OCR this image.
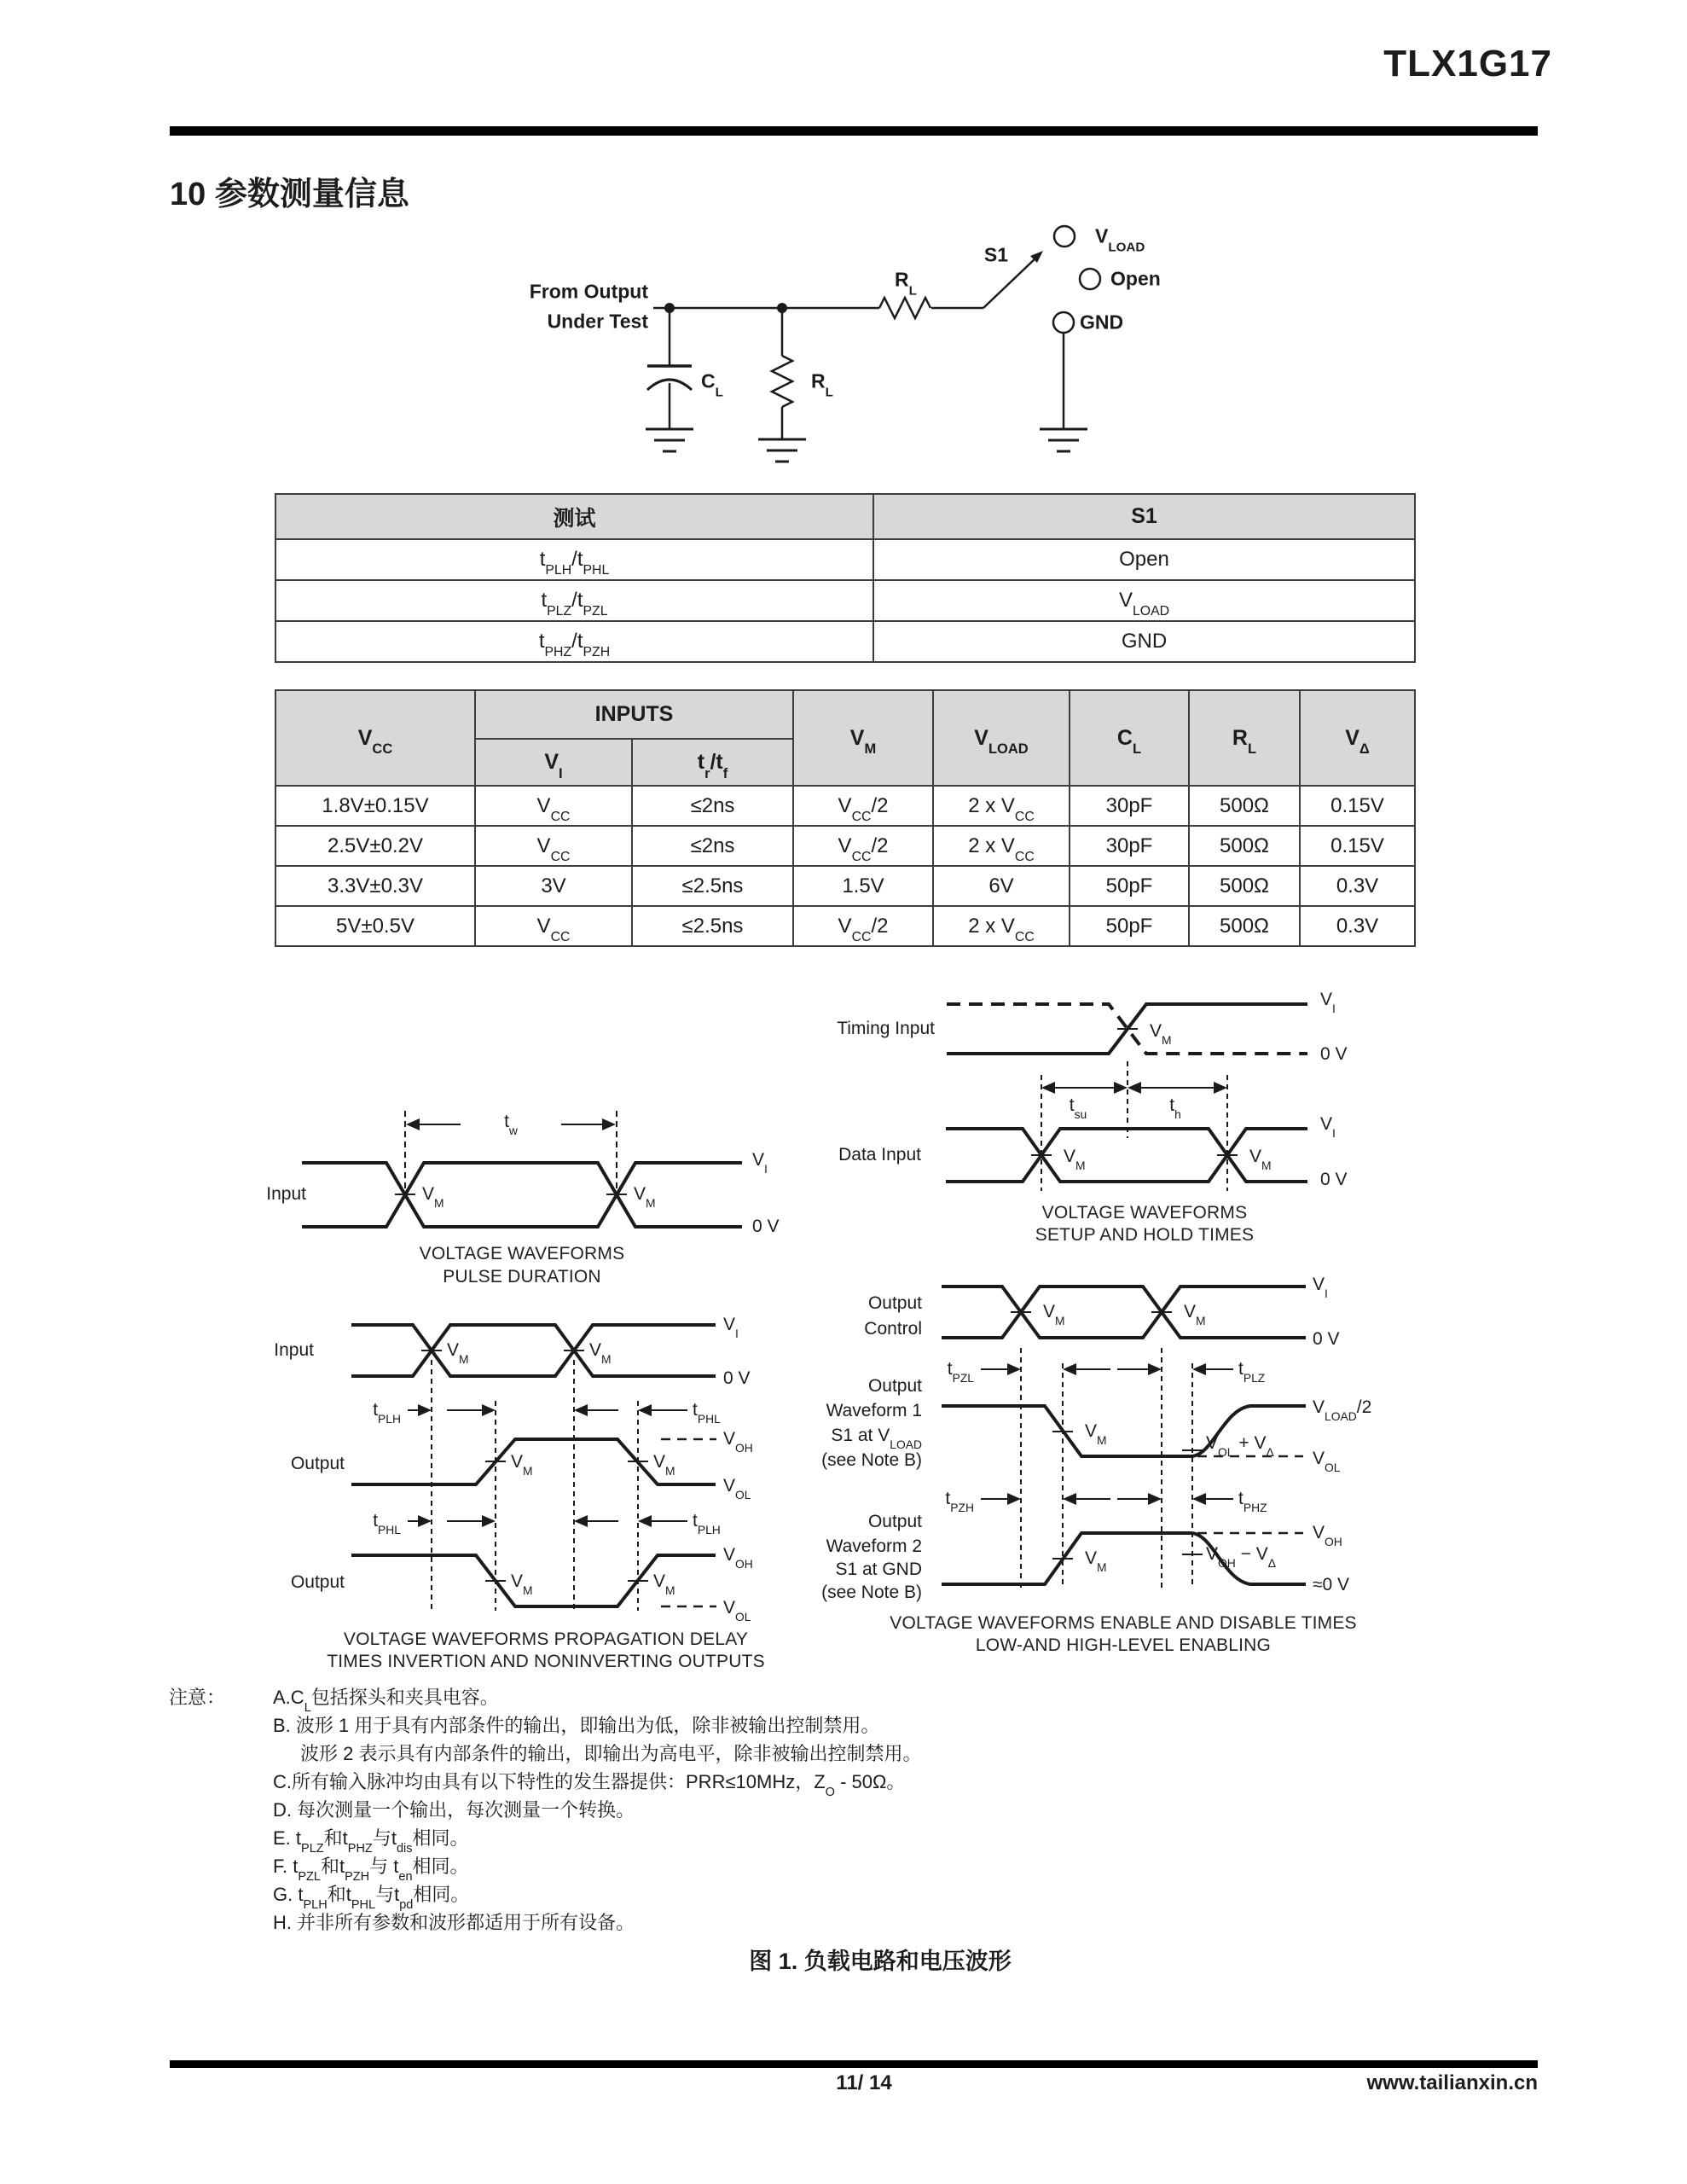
TLX1G17
10 参数测量信息
测试	S1
$t_{PLH}/t_{PHL}$	Open
$t_{PLZ}/t_{PZL}$	$V_{LOAD}$
$t_{PHZ}/t_{PZH}$	GND
$V_{CC}$	INPUTS		$V_M$	$V_{LOAD}$	$C_L$	$R_L$	$V_\Delta$
	$V_I$	$t_r/t_f$
1.8V±0.15V	$V_{CC}$	≤2ns	$V_{CC}/2$	2 x $V_{CC}$	30pF	500Ω	0.15V
2.5V±0.2V	$V_{CC}$	≤2ns	$V_{CC}/2$	2 x $V_{CC}$	30pF	500Ω	0.15V
3.3V±0.3V	3V	≤2.5ns	1.5V	6V	50pF	500Ω	0.3V
5V±0.5V	$V_{CC}$	≤2.5ns	$V_{CC}/2$	2 x $V_{CC}$	50pF	500Ω	0.3V
From Output
Under Test
$C_L$
$R_L$
$R_L$
S1
$V_{LOAD}$
Open
GND
Input
$t_w$
$V_M$	$V_M$
$V_I$
0 V
VOLTAGE WAVEFORMS
PULSE DURATION
Timing Input
Data Input
$t_{su}$	$t_h$
$V_M$
$V_M$	$V_M$
$V_I$
0 V
$V_I$
0 V
VOLTAGE WAVEFORMS
SETUP AND HOLD TIMES
Input
Output
Output
$t_{PLH}$	$t_{PHL}$
$t_{PHL}$	$t_{PLH}$
$V_M$	$V_M$
$V_M$	$V_M$
$V_M$	$V_M$
$V_I$
0 V
$V_{OH}$
$V_{OL}$
$V_{OH}$
$V_{OL}$
VOLTAGE WAVEFORMS PROPAGATION DELAY
TIMES INVERTION AND NONINVERTING OUTPUTS
Output
Control
$t_{PZL}$	$t_{PLZ}$
$t_{PZH}$	$t_{PHZ}$
$V_M$	$V_M$
$V_M$
$V_M$
Output
Waveform 1
S1 at $V_{LOAD}$
(see Note B)
Output
Waveform 2
S1 at GND
(see Note B)
$V_I$
0 V
$V_{LOAD}/2$
$V_{OL} + V_\Delta$ $V_{OL}$
$V_{OH}$
$V_{OH} - V_\Delta$
≈0 V
VOLTAGE WAVEFORMS ENABLE AND DISABLE TIMES
LOW-AND HIGH-LEVEL ENABLING
注意：	$A.C_L$包括探头和夹具电容。
B. 波形 1 用于具有内部条件的输出，即输出为低，除非被输出控制禁用。
波形 2 表示具有内部条件的输出，即输出为高电平，除非被输出控制禁用。
C.所有输入脉冲均由具有以下特性的发生器提供：PRR≤10MHz，$Z_O - 50\Omega$。
D. 每次测量一个输出，每次测量一个转换。
E. $t_{PLZ}$和$t_{PHZ}$与$t_{dis}$相同。
F. $t_{PZL}$和$t_{PZH}$与 $t_{en}$相同。
G. $t_{PLH}$和$t_{PHL}$与$t_{pd}$相同。
H. 并非所有参数和波形都适用于所有设备。
图 1. 负载电路和电压波形
11/ 14	www.tailianxin.cn
